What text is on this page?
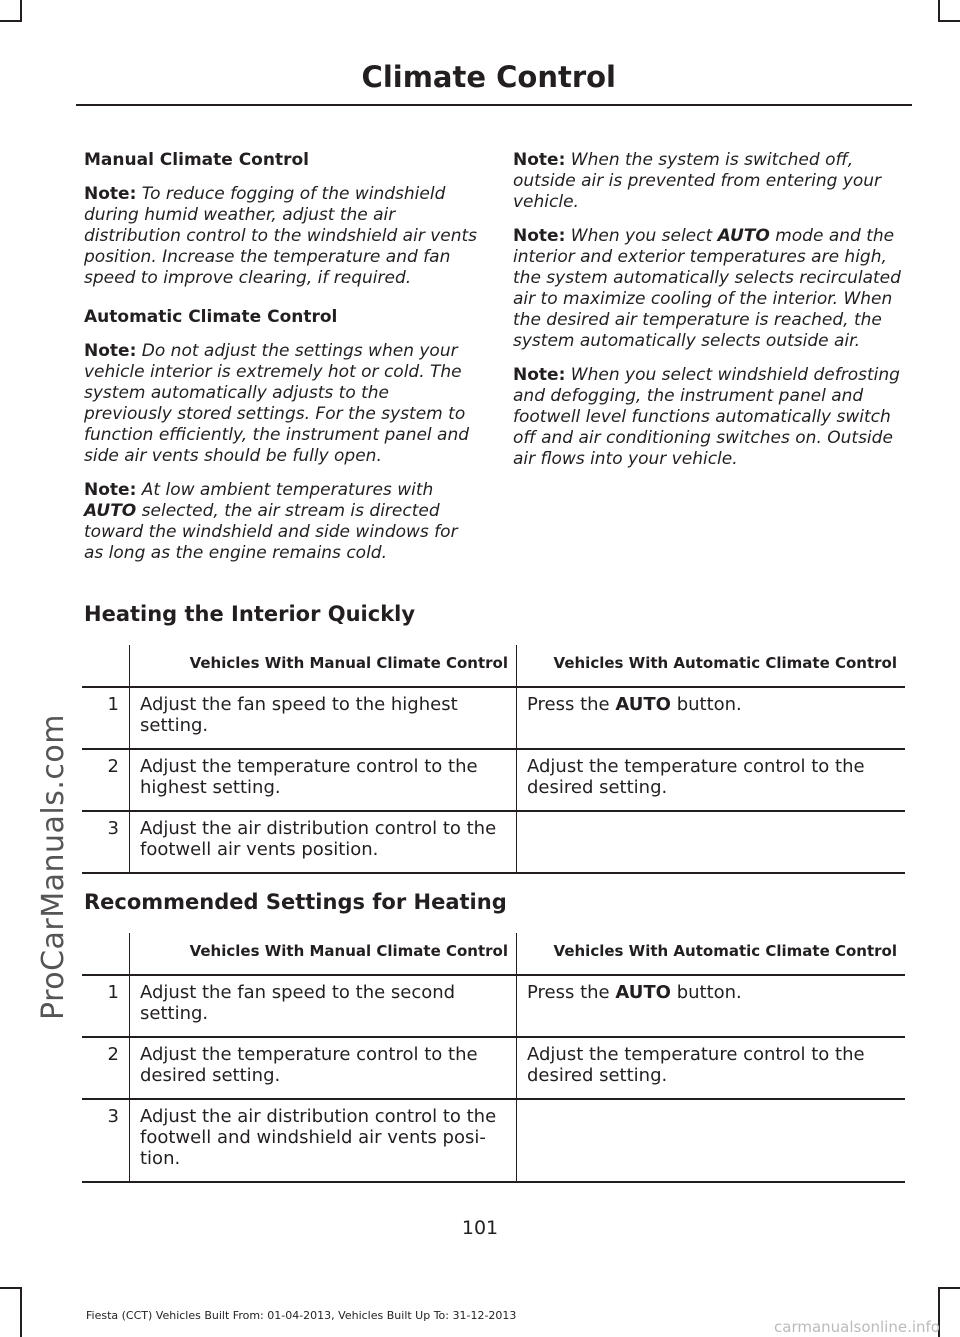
ProCarManuals.com
Climate Control

Manual Climate Control

Note: To reduce fogging of the windshield during humid weather, adjust the air distribution control to the windshield air vents position. Increase the temperature and fan speed to improve clearing, if required.

Automatic Climate Control

Note: Do not adjust the settings when your vehicle interior is extremely hot or cold. The system automatically adjusts to the previously stored settings. For the system to function efficiently, the instrument panel and side air vents should be fully open.

Note: At low ambient temperatures with AUTO selected, the air stream is directed toward the windshield and side windows for as long as the engine remains cold.

Note: When the system is switched off, outside air is prevented from entering your vehicle.

Note: When you select AUTO mode and the interior and exterior temperatures are high, the system automatically selects recirculated air to maximize cooling of the interior. When the desired air temperature is reached, the system automatically selects outside air.

Note: When you select windshield defrosting and defogging, the instrument panel and footwell level functions automatically switch off and air conditioning switches on. Outside air flows into your vehicle.

Heating the Interior Quickly
	Vehicles With Manual Climate Control	Vehicles With Automatic Climate Control
1	Adjust the fan speed to the highest setting.	Press the AUTO button.
2	Adjust the temperature control to the highest setting.	Adjust the temperature control to the desired setting.
3	Adjust the air distribution control to the footwell air vents position.	
Recommended Settings for Heating
	Vehicles With Manual Climate Control	Vehicles With Automatic Climate Control
1	Adjust the fan speed to the second setting.	Press the AUTO button.
2	Adjust the temperature control to the desired setting.	Adjust the temperature control to the desired setting.
3	Adjust the air distribution control to the footwell and windshield air vents posi-tion.	
101
Fiesta (CCT) Vehicles Built From: 01-04-2013, Vehicles Built Up To: 31-12-2013
carmanualsonline.info
